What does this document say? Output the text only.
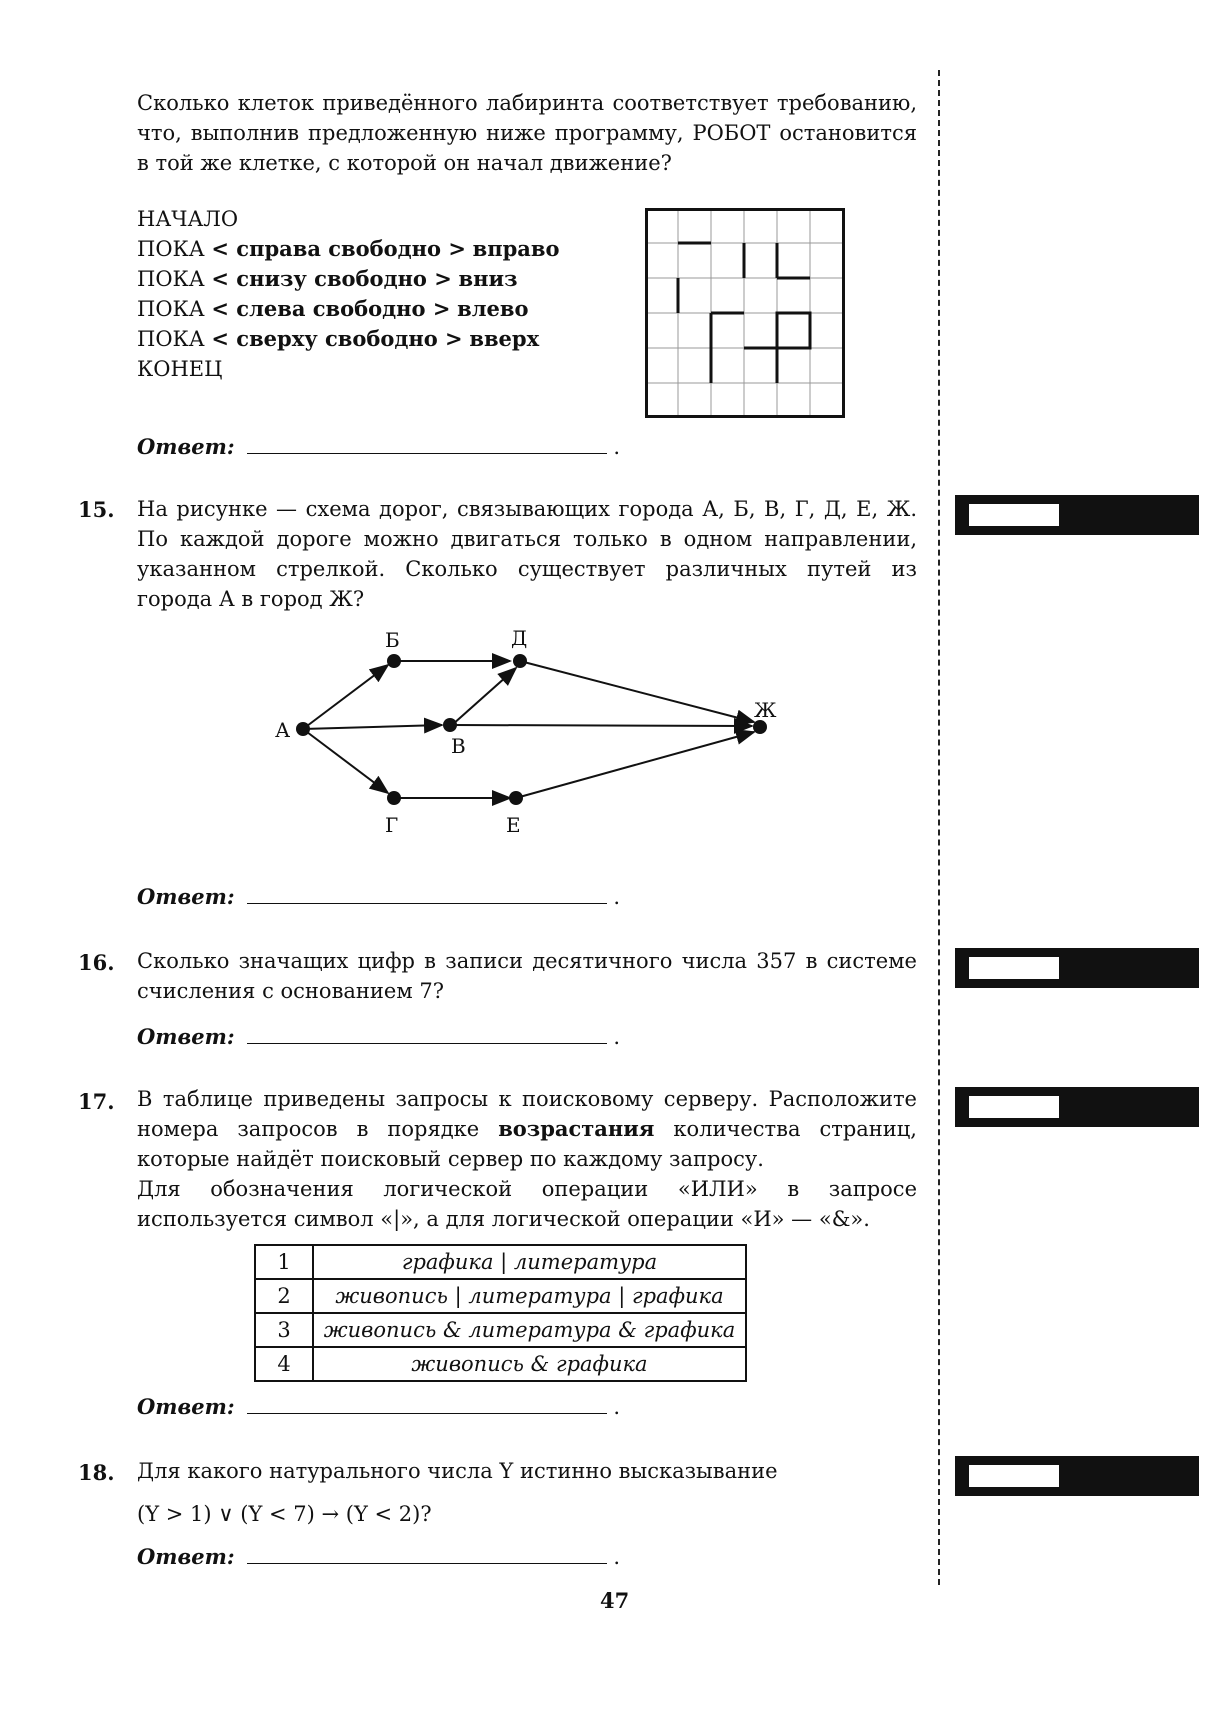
Сколько клеток приведённого лабиринта соответствует требованию, что, выполнив предложенную ниже программу, РОБОТ остановится в той же клетке, с которой он начал движение?
НАЧАЛО
ПОКА < справа свободно > вправо
ПОКА < снизу свободно > вниз
ПОКА < слева свободно > влево
ПОКА < сверху свободно > вверх
КОНЕЦ
Ответ:	.
15. На рисунке — схема дорог, связывающих города А, Б, В, Г, Д, Е, Ж. По каждой дороге можно двигаться только в одном направлении, указанном стрелкой. Сколько существует различных путей из города А в город Ж?
А
Б
В
Г
Д
Е
Ж
Ответ:	.
16. Сколько значащих цифр в записи десятичного числа 357 в системе счисления с основанием 7?
Ответ:	.
17. В таблице приведены запросы к поисковому серверу. Расположите номера запросов в порядке возрастания количества страниц, которые найдёт поисковый сервер по каждому запросу.
Для обозначения логической операции «ИЛИ» в запросе используется символ «|», а для логической операции «И» — «&».
1	графика | литература
2	живопись | литература | графика
3	живопись & литература & графика
4	живопись & графика
Ответ:	.
18. Для какого натурального числа Y истинно высказывание
(Y > 1) ∨ (Y < 7) → (Y < 2)?
Ответ:	.
47
